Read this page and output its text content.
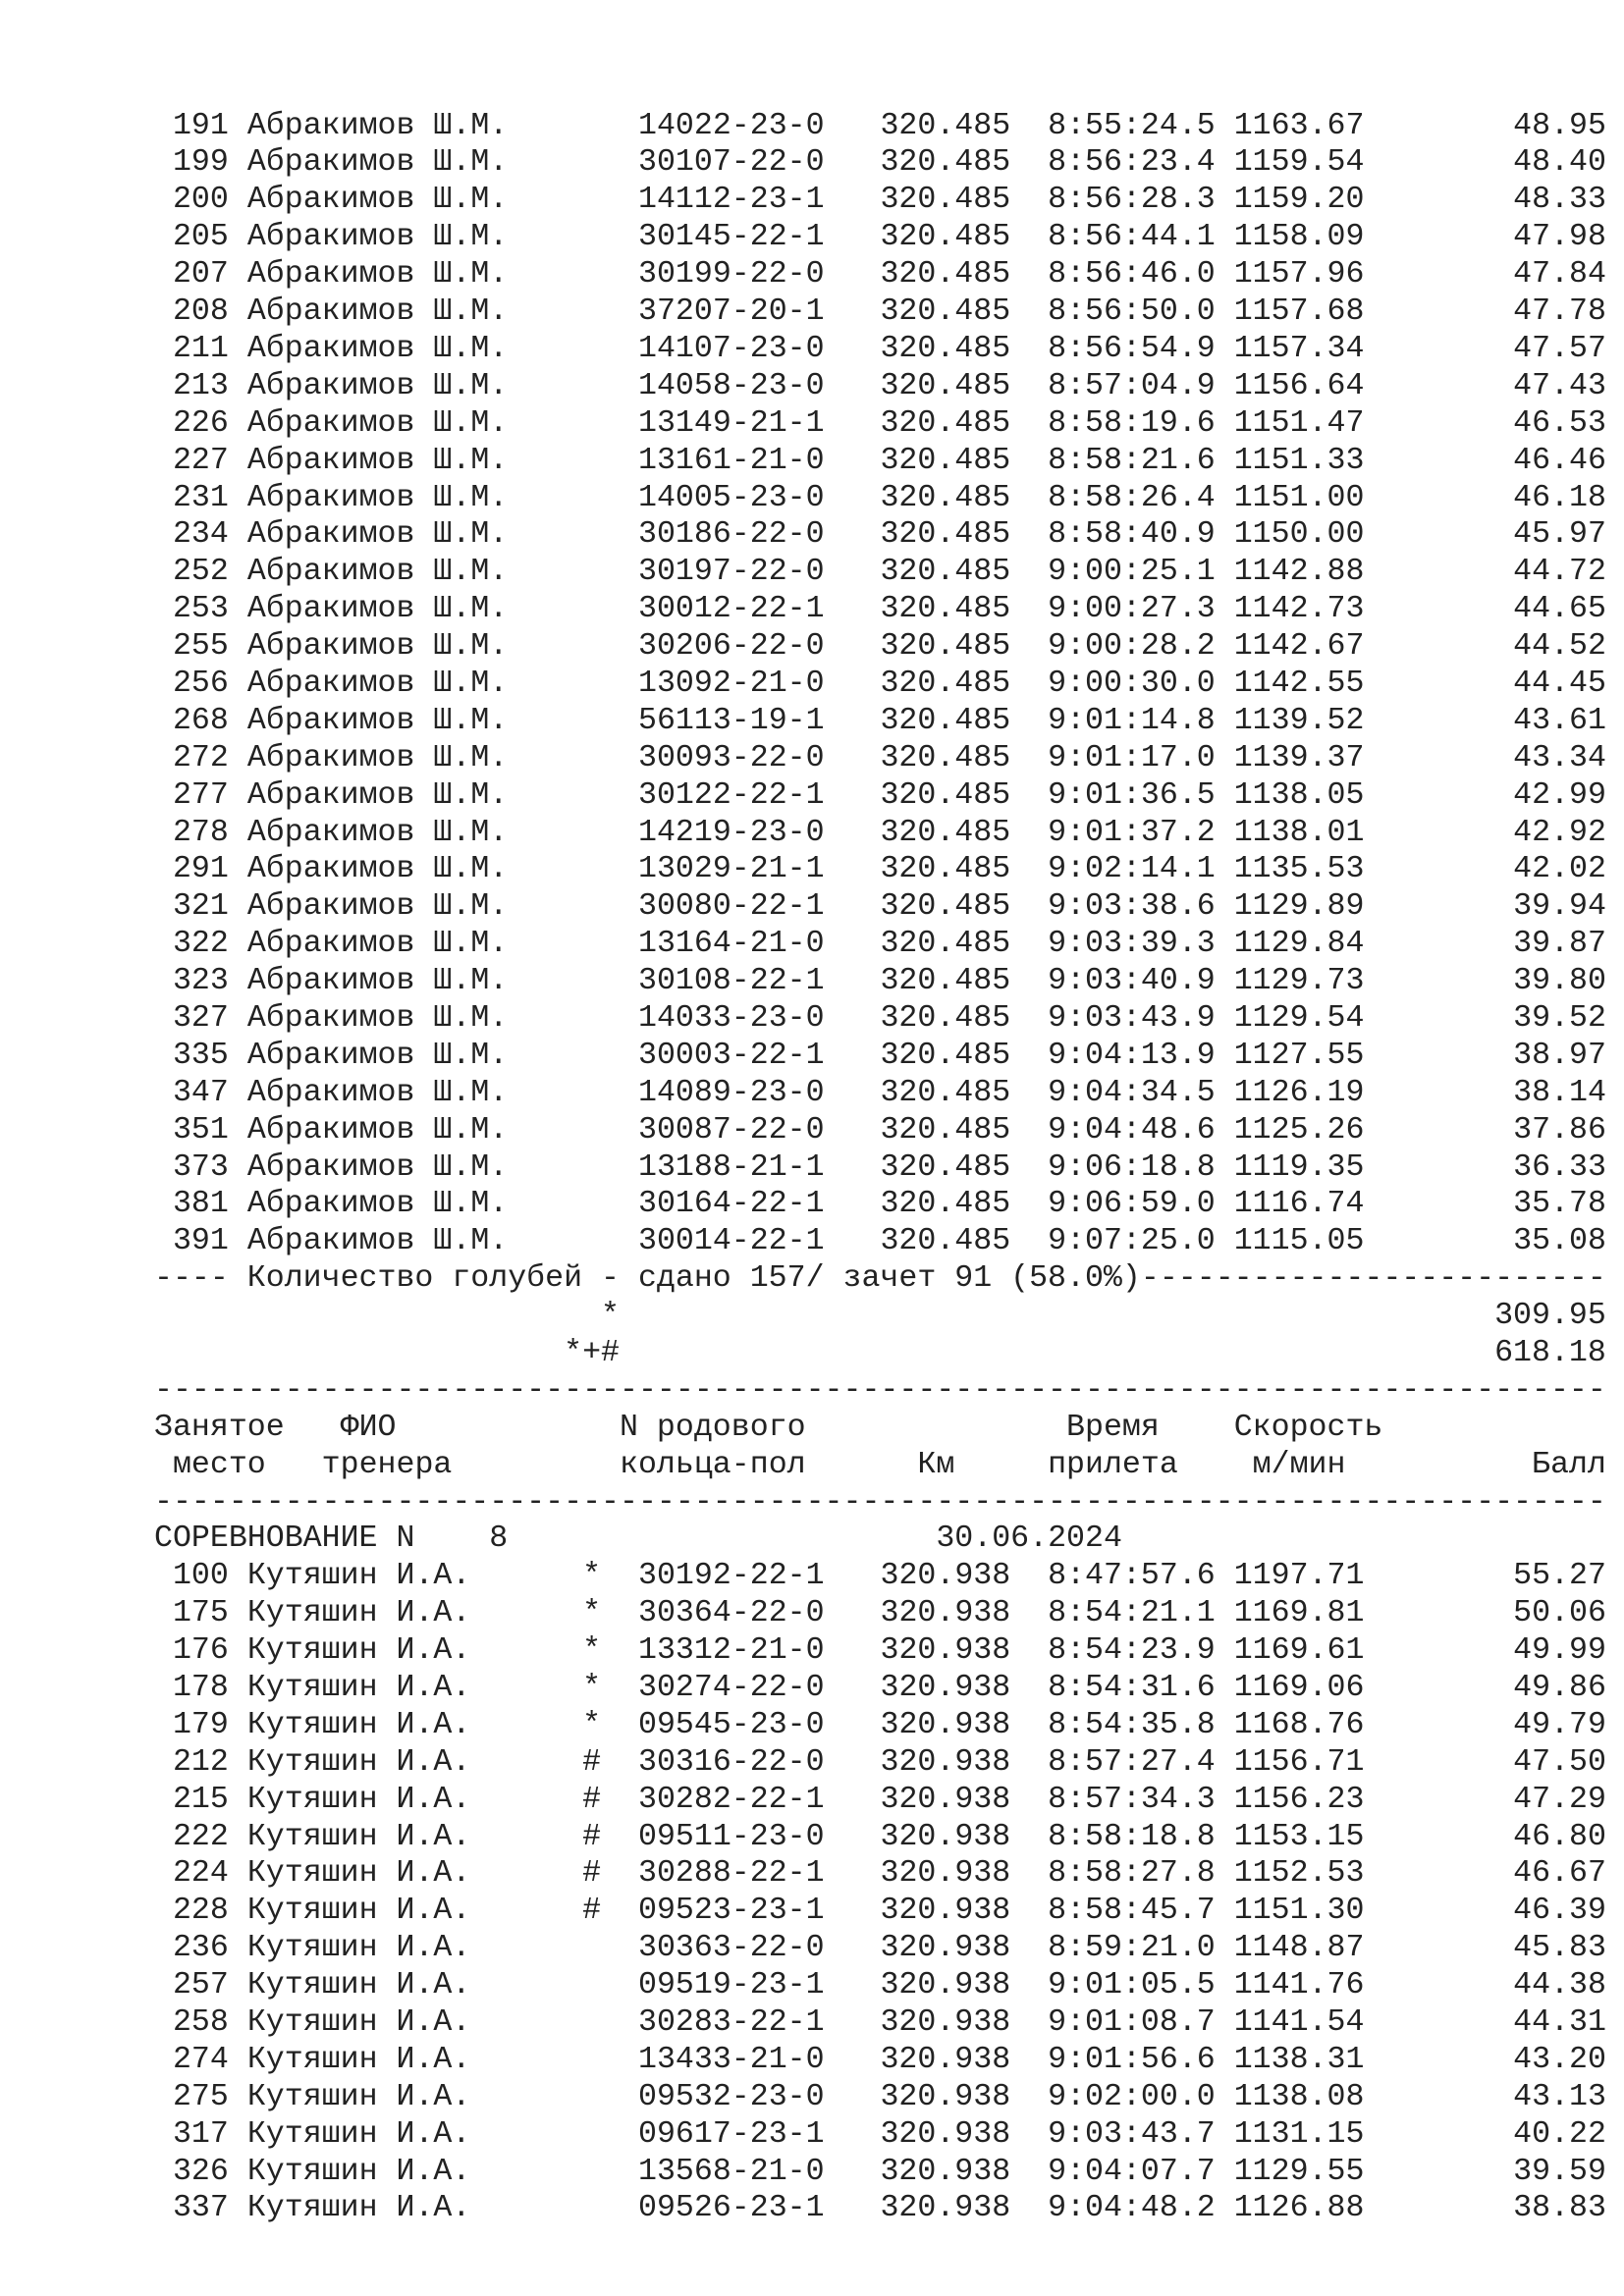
191 Абракимов Ш.М.	14022-23-0 320.485 8:55:24.5 1163.67	48.95
199 Абракимов Ш.М.	30107-22-0 320.485 8:56:23.4 1159.54	48.40
200 Абракимов Ш.М.	14112-23-1 320.485 8:56:28.3 1159.20	48.33
205 Абракимов Ш.М.	30145-22-1 320.485 8:56:44.1 1158.09	47.98
207 Абракимов Ш.М.	30199-22-0 320.485 8:56:46.0 1157.96	47.84
208 Абракимов Ш.М.	37207-20-1 320.485 8:56:50.0 1157.68	47.78
211 Абракимов Ш.М.	14107-23-0 320.485 8:56:54.9 1157.34	47.57
213 Абракимов Ш.М.	14058-23-0 320.485 8:57:04.9 1156.64	47.43
226 Абракимов Ш.М.	13149-21-1 320.485 8:58:19.6 1151.47	46.53
227 Абракимов Ш.М.	13161-21-0 320.485 8:58:21.6 1151.33	46.46
231 Абракимов Ш.М.	14005-23-0 320.485 8:58:26.4 1151.00	46.18
234 Абракимов Ш.М.	30186-22-0 320.485 8:58:40.9 1150.00	45.97
252 Абракимов Ш.М.	30197-22-0 320.485 9:00:25.1 1142.88	44.72
253 Абракимов Ш.М.	30012-22-1 320.485 9:00:27.3 1142.73	44.65
255 Абракимов Ш.М.	30206-22-0 320.485 9:00:28.2 1142.67	44.52
256 Абракимов Ш.М.	13092-21-0 320.485 9:00:30.0 1142.55	44.45
268 Абракимов Ш.М.	56113-19-1 320.485 9:01:14.8 1139.52	43.61
272 Абракимов Ш.М.	30093-22-0 320.485 9:01:17.0 1139.37	43.34
277 Абракимов Ш.М.	30122-22-1 320.485 9:01:36.5 1138.05	42.99
278 Абракимов Ш.М.	14219-23-0 320.485 9:01:37.2 1138.01	42.92
291 Абракимов Ш.М.	13029-21-1 320.485 9:02:14.1 1135.53	42.02
321 Абракимов Ш.М.	30080-22-1 320.485 9:03:38.6 1129.89	39.94
322 Абракимов Ш.М.	13164-21-0 320.485 9:03:39.3 1129.84	39.87
323 Абракимов Ш.М.	30108-22-1 320.485 9:03:40.9 1129.73	39.80
327 Абракимов Ш.М.	14033-23-0 320.485 9:03:43.9 1129.54	39.52
335 Абракимов Ш.М.	30003-22-1 320.485 9:04:13.9 1127.55	38.97
347 Абракимов Ш.М.	14089-23-0 320.485 9:04:34.5 1126.19	38.14
351 Абракимов Ш.М.	30087-22-0 320.485 9:04:48.6 1125.26	37.86
373 Абракимов Ш.М.	13188-21-1 320.485 9:06:18.8 1119.35	36.33
381 Абракимов Ш.М.	30164-22-1 320.485 9:06:59.0 1116.74	35.78
391 Абракимов Ш.М.	30014-22-1 320.485 9:07:25.0 1115.05	35.08
---- Количество голубей - сдано 157/ зачет 91 (58.0%)-------------------------
*	309.95
*+#	618.18
------------------------------------------------------------------------------
Занятое ФИО	N родового	Время Скорость
место тренера	кольца-пол	Км	прилета м/мин	Балл
------------------------------------------------------------------------------
СОРЕВНОВАНИЕ N 8	30.06.2024
100 Кутяшин И.А.	* 30192-22-1 320.938 8:47:57.6 1197.71	55.27
175 Кутяшин И.А.	* 30364-22-0 320.938 8:54:21.1 1169.81	50.06
176 Кутяшин И.А.	* 13312-21-0 320.938 8:54:23.9 1169.61	49.99
178 Кутяшин И.А.	* 30274-22-0 320.938 8:54:31.6 1169.06	49.86
179 Кутяшин И.А.	* 09545-23-0 320.938 8:54:35.8 1168.76	49.79
212 Кутяшин И.А.	# 30316-22-0 320.938 8:57:27.4 1156.71	47.50
215 Кутяшин И.А.	# 30282-22-1 320.938 8:57:34.3 1156.23	47.29
222 Кутяшин И.А.	# 09511-23-0 320.938 8:58:18.8 1153.15	46.80
224 Кутяшин И.А.	# 30288-22-1 320.938 8:58:27.8 1152.53	46.67
228 Кутяшин И.А.	# 09523-23-1 320.938 8:58:45.7 1151.30	46.39
236 Кутяшин И.А.	30363-22-0 320.938 8:59:21.0 1148.87	45.83
257 Кутяшин И.А.	09519-23-1 320.938 9:01:05.5 1141.76	44.38
258 Кутяшин И.А.	30283-22-1 320.938 9:01:08.7 1141.54	44.31
274 Кутяшин И.А.	13433-21-0 320.938 9:01:56.6 1138.31	43.20
275 Кутяшин И.А.	09532-23-0 320.938 9:02:00.0 1138.08	43.13
317 Кутяшин И.А.	09617-23-1 320.938 9:03:43.7 1131.15	40.22
326 Кутяшин И.А.	13568-21-0 320.938 9:04:07.7 1129.55	39.59
337 Кутяшин И.А.	09526-23-1 320.938 9:04:48.2 1126.88	38.83
